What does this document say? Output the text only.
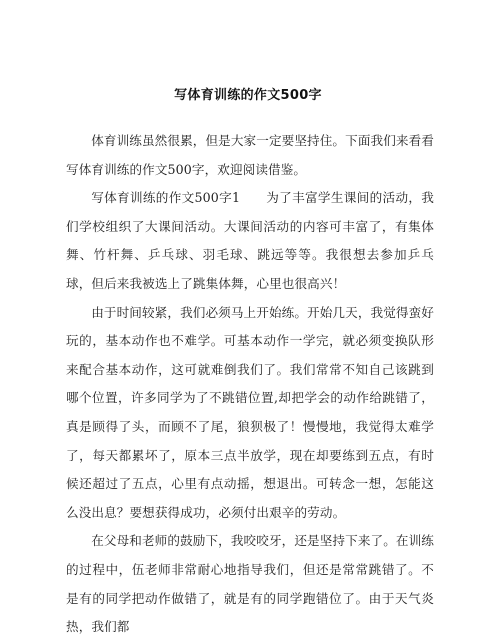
写体育训练的作文500字

体育训练虽然很累，但是大家一定要坚持住。下面我们来看看写体育训练的作文500字，欢迎阅读借鉴。

写体育训练的作文500字1　　为了丰富学生课间的活动，我们学校组织了大课间活动。大课间活动的内容可丰富了，有集体舞、竹杆舞、乒乓球、羽毛球、跳远等等。我很想去参加乒乓球，但后来我被选上了跳集体舞，心里也很高兴！

由于时间较紧，我们必须马上开始练。开始几天，我觉得蛮好玩的，基本动作也不难学。可基本动作一学完，就必须变换队形来配合基本动作，这可就难倒我们了。我们常常不知自己该跳到哪个位置，许多同学为了不跳错位置,却把学会的动作给跳错了，真是顾得了头，而顾不了尾，狼狈极了！慢慢地，我觉得太难学了，每天都累坏了，原本三点半放学，现在却要练到五点，有时候还超过了五点，心里有点动摇，想退出。可转念一想，怎能这么没出息？要想获得成功，必须付出艰辛的劳动。

在父母和老师的鼓励下，我咬咬牙，还是坚持下来了。在训练的过程中，伍老师非常耐心地指导我们，但还是常常跳错了。不是有的同学把动作做错了，就是有的同学跑错位了。由于天气炎热，我们都
